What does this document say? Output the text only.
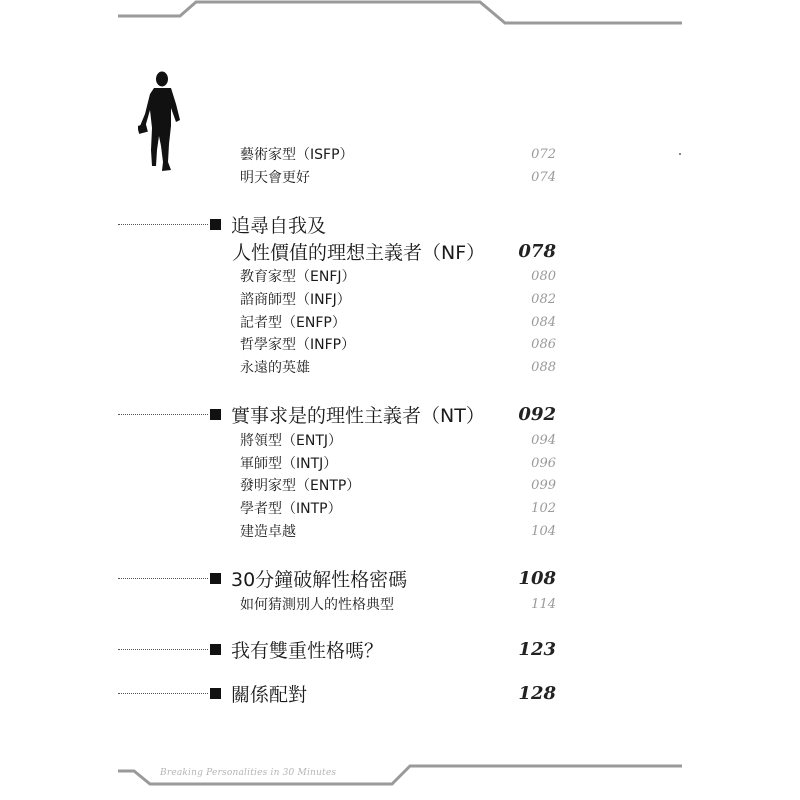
Breaking Personalities in 30 Minutes
藝術家型（ISFP）	072
明天會更好	074
追尋自我及
人性價值的理想主義者（NF） 078
教育家型（ENFJ）	080
諮商師型（INFJ）	082
記者型（ENFP）	084
哲學家型（INFP）	086
永遠的英雄	088
實事求是的理性主義者（NT） 092
將領型（ENTJ）	094
軍師型（INTJ）	096
發明家型（ENTP）	099
學者型（INTP）	102
建造卓越	104
30分鐘破解性格密碼	108
如何猜測別人的性格典型	114
我有雙重性格嗎？	123
關係配對	128
